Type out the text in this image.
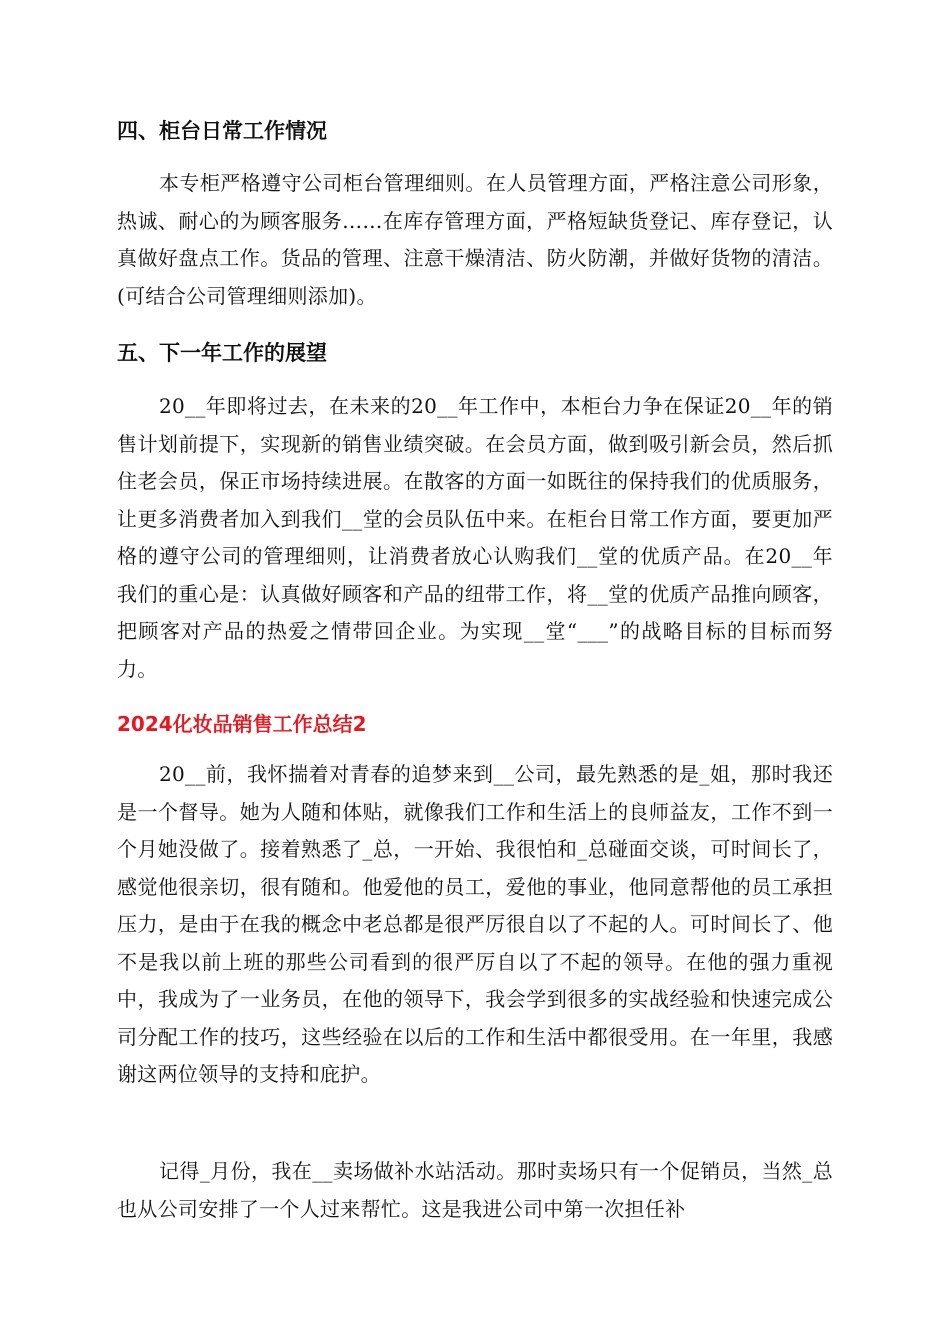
四、柜台日常工作情况

本专柜严格遵守公司柜台管理细则。在人员管理方面，严格注意公司形象，热诚、耐心的为顾客服务……在库存管理方面，严格短缺货登记、库存登记，认真做好盘点工作。货品的管理、注意干燥清洁、防火防潮，并做好货物的清洁。(可结合公司管理细则添加)。

五、下一年工作的展望

20__年即将过去，在未来的20__年工作中，本柜台力争在保证20__年的销售计划前提下，实现新的销售业绩突破。在会员方面，做到吸引新会员，然后抓住老会员，保正市场持续进展。在散客的方面一如既往的保持我们的优质服务，让更多消费者加入到我们__堂的会员队伍中来。在柜台日常工作方面，要更加严格的遵守公司的管理细则，让消费者放心认购我们__堂的优质产品。在20__年我们的重心是：认真做好顾客和产品的纽带工作，将__堂的优质产品推向顾客，把顾客对产品的热爱之情带回企业。为实现__堂“___”的战略目标的目标而努力。

2024化妆品销售工作总结2

20__前，我怀揣着对青春的追梦来到__公司，最先熟悉的是_姐，那时我还是一个督导。她为人随和体贴，就像我们工作和生活上的良师益友，工作不到一个月她没做了。接着熟悉了_总，一开始、我很怕和_总碰面交谈，可时间长了，感觉他很亲切，很有随和。他爱他的员工，爱他的事业，他同意帮他的员工承担压力，是由于在我的概念中老总都是很严厉很自以了不起的人。可时间长了、他不是我以前上班的那些公司看到的很严厉自以了不起的领导。在他的强力重视中，我成为了一业务员，在他的领导下，我会学到很多的实战经验和快速完成公司分配工作的技巧，这些经验在以后的工作和生活中都很受用。在一年里，我感谢这两位领导的支持和庇护。

记得_月份，我在__卖场做补水站活动。那时卖场只有一个促销员，当然_总也从公司安排了一个人过来帮忙。这是我进公司中第一次担任补
